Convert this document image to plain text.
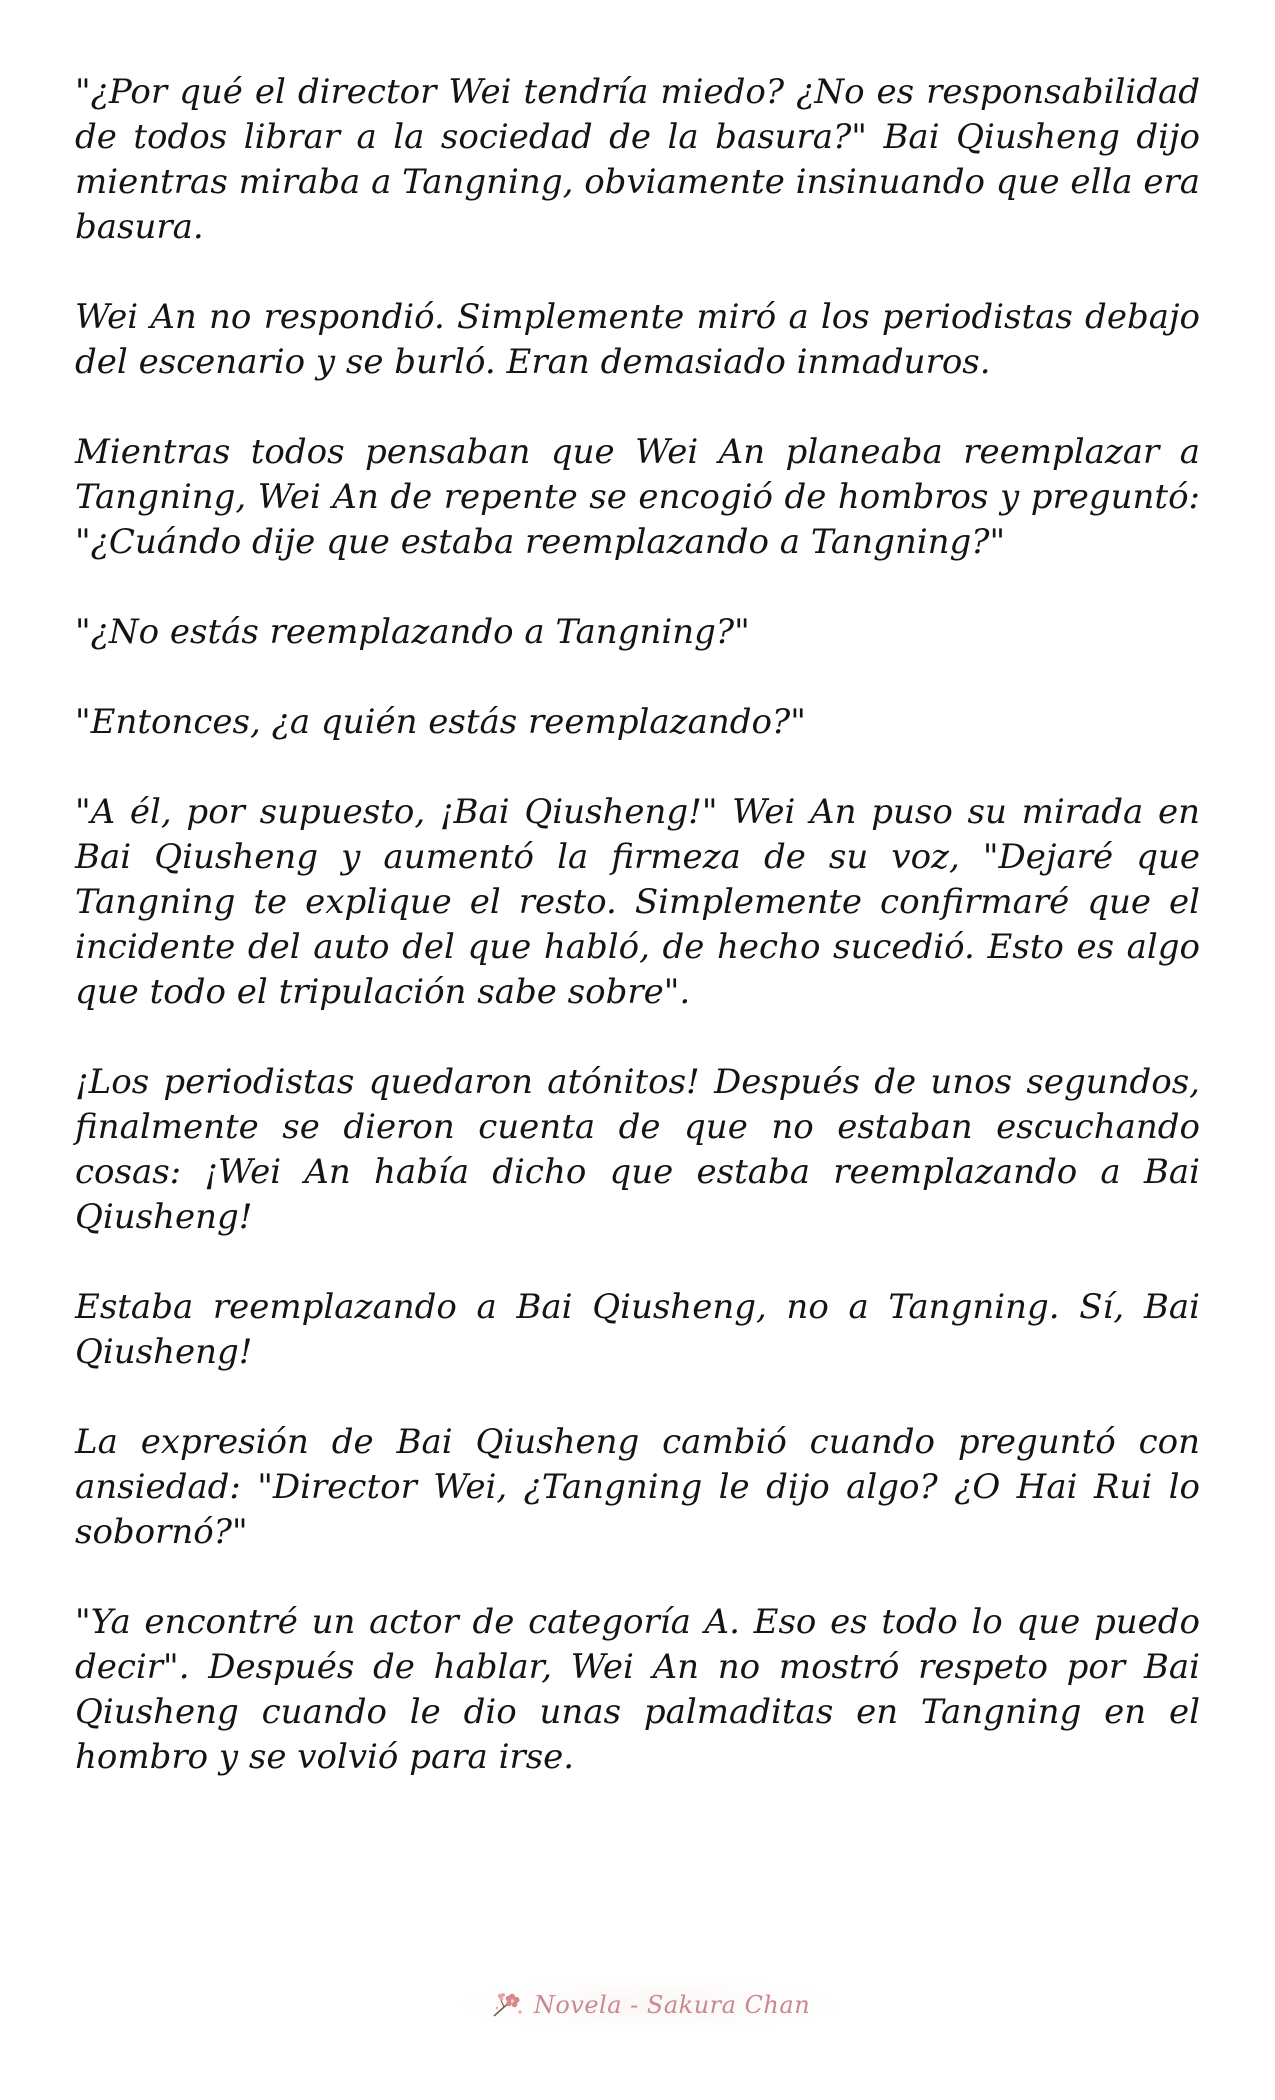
"¿Por qué el director Wei tendría miedo? ¿No es responsabilidad de todos librar a la sociedad de la basura?" Bai Qiusheng dijo mientras miraba a Tangning, obviamente insinuando que ella era basura.

Wei An no respondió. Simplemente miró a los periodistas debajo del escenario y se burló. Eran demasiado inmaduros.

Mientras todos pensaban que Wei An planeaba reemplazar a Tangning, Wei An de repente se encogió de hombros y preguntó: "¿Cuándo dije que estaba reemplazando a Tangning?"

"¿No estás reemplazando a Tangning?"

"Entonces, ¿a quién estás reemplazando?"

"A él, por supuesto, ¡Bai Qiusheng!" Wei An puso su mirada en Bai Qiusheng y aumentó la firmeza de su voz, "Dejaré que Tangning te explique el resto. Simplemente confirmaré que el incidente del auto del que habló, de hecho sucedió. Esto es algo que todo el tripulación sabe sobre".

¡Los periodistas quedaron atónitos! Después de unos segundos, finalmente se dieron cuenta de que no estaban escuchando cosas: ¡Wei An había dicho que estaba reemplazando a Bai Qiusheng!

Estaba reemplazando a Bai Qiusheng, no a Tangning. Sí, Bai Qiusheng!

La expresión de Bai Qiusheng cambió cuando preguntó con ansiedad: "Director Wei, ¿Tangning le dijo algo? ¿O Hai Rui lo sobornó?"

"Ya encontré un actor de categoría A. Eso es todo lo que puedo decir". Después de hablar, Wei An no mostró respeto por Bai Qiusheng cuando le dio unas palmaditas en Tangning en el hombro y se volvió para irse.

Novela - Sakura Chan
